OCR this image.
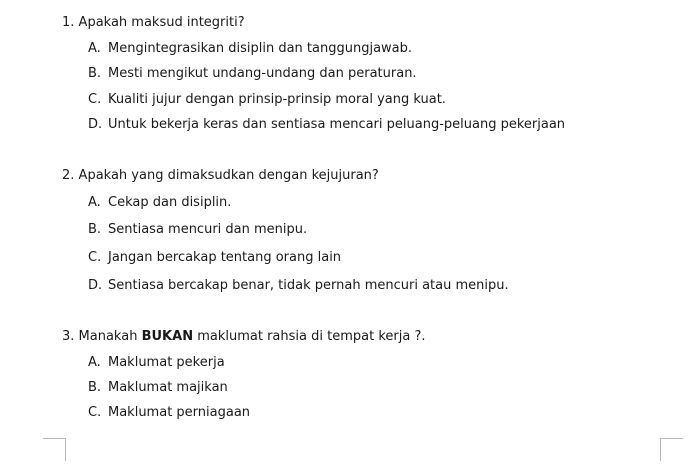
1. Apakah maksud integriti?
A. Mengintegrasikan disiplin dan tanggungjawab.
B. Mesti mengikut undang-undang dan peraturan.
C. Kualiti jujur dengan prinsip-prinsip moral yang kuat.
D. Untuk bekerja keras dan sentiasa mencari peluang-peluang pekerjaan
2. Apakah yang dimaksudkan dengan kejujuran?
A. Cekap dan disiplin.
B. Sentiasa mencuri dan menipu.
C. Jangan bercakap tentang orang lain
D. Sentiasa bercakap benar, tidak pernah mencuri atau menipu.
3. Manakah BUKAN maklumat rahsia di tempat kerja ?.
A. Maklumat pekerja
B. Maklumat majikan
C. Maklumat perniagaan
